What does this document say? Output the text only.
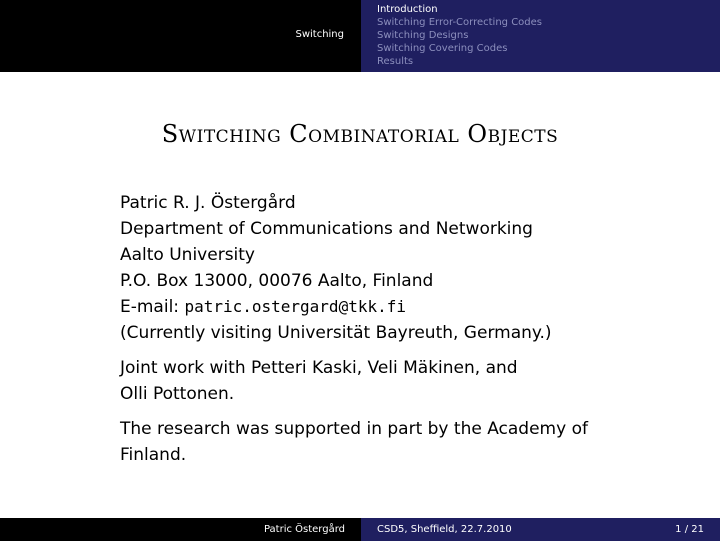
Switching
Introduction
Switching Error-Correcting Codes
Switching Designs
Switching Covering Codes
Results
Switching Combinatorial Objects

Patric R. J. Östergård

Department of Communications and Networking

Aalto University

P.O. Box 13000, 00076 Aalto, Finland

E-mail: patric.ostergard@tkk.fi

(Currently visiting Universität Bayreuth, Germany.)

Joint work with Petteri Kaski, Veli Mäkinen, and

Olli Pottonen.

The research was supported in part by the Academy of

Finland.

Patric Östergård	CSD5, Sheffield, 22.7.2010	1 / 21
